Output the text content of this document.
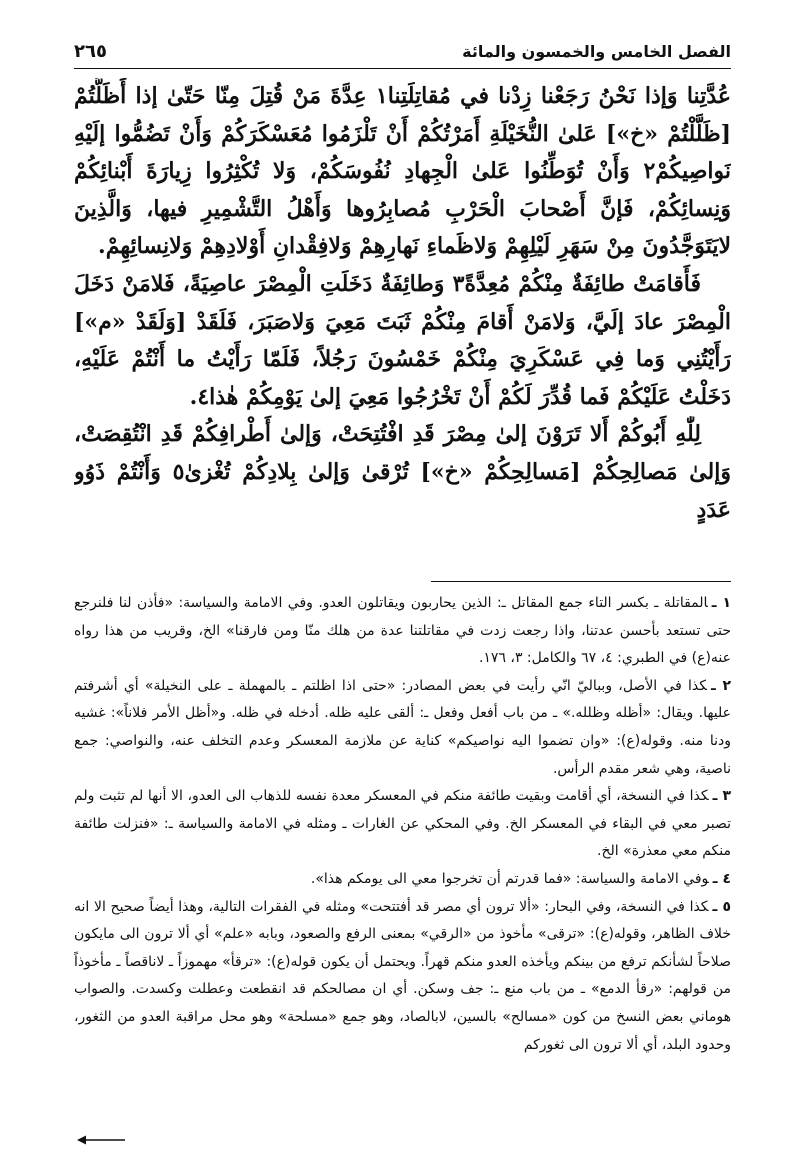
الفصل الخامس والخمسون والمائة
٢٦٥

عُدَّتِنا وَإذا نَحْنُ رَجَعْنا زِدْنا في مُقاتِلَتِنا١ عِدَّةَ مَنْ قُتِلَ مِنّا حَتّىٰ إذا أَظَلَّتُمْ [ظَلَّلْتُمْ «خ»] عَلىٰ النُّخَيْلَةِ أَمَرْتُكُمْ أَنْ تَلْزَمُوا مُعَسْكَرَكُمْ وَأَنْ تَضُمُّوا إلَيْهِ نَواصِيكُمْ٢ وَأَنْ تُوَطِّنُوا عَلىٰ الْجِهادِ نُفُوسَكُمْ، وَلا تُكْثِرُوا زِيارَةَ أَبْنائِكُمْ وَنِسائِكُمْ، فَإنَّ أَصْحابَ الْحَرْبِ مُصابِرُوها وَأَهْلُ التَّشْمِيرِ فيها، وَالَّذِينَ لايَتَوَجَّدُونَ مِنْ سَهَرِ لَيْلِهِمْ وَلاظَماءِ نَهارِهِمْ وَلافِقْدانِ أَوْلادِهِمْ وَلانِسائِهِمْ.

فَأَقامَتْ طائِفَةٌ مِنْكُمْ مُعِدَّةً٣ وَطائِفَةٌ دَخَلَتِ الْمِصْرَ عاصِيَةً، فَلامَنْ دَخَلَ الْمِصْرَ عادَ إلَيَّ، وَلامَنْ أَقامَ مِنْكُمْ ثَبَتَ مَعِيَ وَلاصَبَرَ، فَلَقَدْ [وَلَقَدْ «م»] رَأَيْتُنِي وَما فِي عَسْكَرِيَ مِنْكُمْ خَمْسُونَ رَجُلاً، فَلَمّا رَأَيْتُ ما أَنْتُمْ عَلَيْهِ، دَخَلْتُ عَلَيْكُمْ فَما قُدِّرَ لَكُمْ أَنْ تَخْرُجُوا مَعِيَ إلىٰ يَوْمِكُمْ هٰذا٤.

لِلّٰهِ أَبُوكُمْ أَلا تَرَوْنَ إلىٰ مِصْرَ قَدِ افْتُتِحَتْ، وَإلىٰ أَطْرافِكُمْ قَدِ انْتُقِصَتْ، وَإلىٰ مَصالِحِكُمْ [مَسالِحِكُمْ «خ»] تُرْقىٰ وَإلىٰ بِلادِكُمْ تُغْزىٰ٥ وَأَنْتُمْ ذَوُو عَدَدٍ

١ ـالمقاتلة ـ بكسر التاء جمع المقاتل ـ: الذين يحاربون ويقاتلون العدو. وفي الامامة والسياسة: «فأذن لنا فلنرجع حتى تستعد بأحسن عدتنا، واذا رجعت زدت في مقاتلتنا عدة من هلك منّا ومن فارقنا» الخ، وقريب من هذا رواه عنه(ع) في الطبري: ٤، ٦٧ والكامل: ٣، ١٧٦.

٢ ـكذا في الأصل، وبباليّ انّي رأيت في بعض المصادر: «حتى اذا اظلتم ـ بالمهملة ـ على النخيلة» أي أشرفتم عليها. ويقال: «أظله وظلله.» ـ من باب أفعل وفعل ـ: ألقى عليه ظله. أدخله في ظله. و«أظل الأمر فلاناً»: غشيه ودنا منه. وقوله(ع): «وان تضموا اليه نواصيكم» كناية عن ملازمة المعسكر وعدم التخلف عنه، والنواصي: جمع ناصية، وهي شعر مقدم الرأس.

٣ ـكذا في النسخة، أي أقامت وبقيت طائفة منكم في المعسكر معدة نفسه للذهاب الى العدو، الا أنها لم تثبت ولم تصبر معي في البقاء في المعسكر الخ. وفي المحكي عن الغارات ـ ومثله في الامامة والسياسة ـ: «فنزلت طائفة منكم معي معذرة» الخ.

٤ ـوفي الامامة والسياسة: «فما قدرتم أن تخرجوا معي الى يومكم هذا».

٥ ـكذا في النسخة، وفي البحار: «ألا ترون أي مصر قد أفتتحت» ومثله في الفقرات التالية، وهذا أيضاً صحيح الا انه خلاف الظاهر، وقوله(ع): «ترقى» مأخوذ من «الرقي» بمعنى الرفع والصعود، وبابه «علم» أي ألا ترون الى مايكون صلاحاً لشأنكم ترفع من بينكم ويأخذه العدو منكم قهراً. ويحتمل أن يكون قوله(ع): «ترقأ» مهموزاً ـ لاناقصاً ـ مأخوذاً من قولهم: «رقأ الدمع» ـ من باب منع ـ: جف وسكن. أي ان مصالحكم قد انقطعت وعطلت وكسدت. والصواب هوماني بعض النسخ من كون «مسالح» بالسين، لابالصاد، وهو جمع «مسلحة» وهو محل مراقبة العدو من الثغور، وحدود البلد، أي ألا ترون الى ثغوركم
